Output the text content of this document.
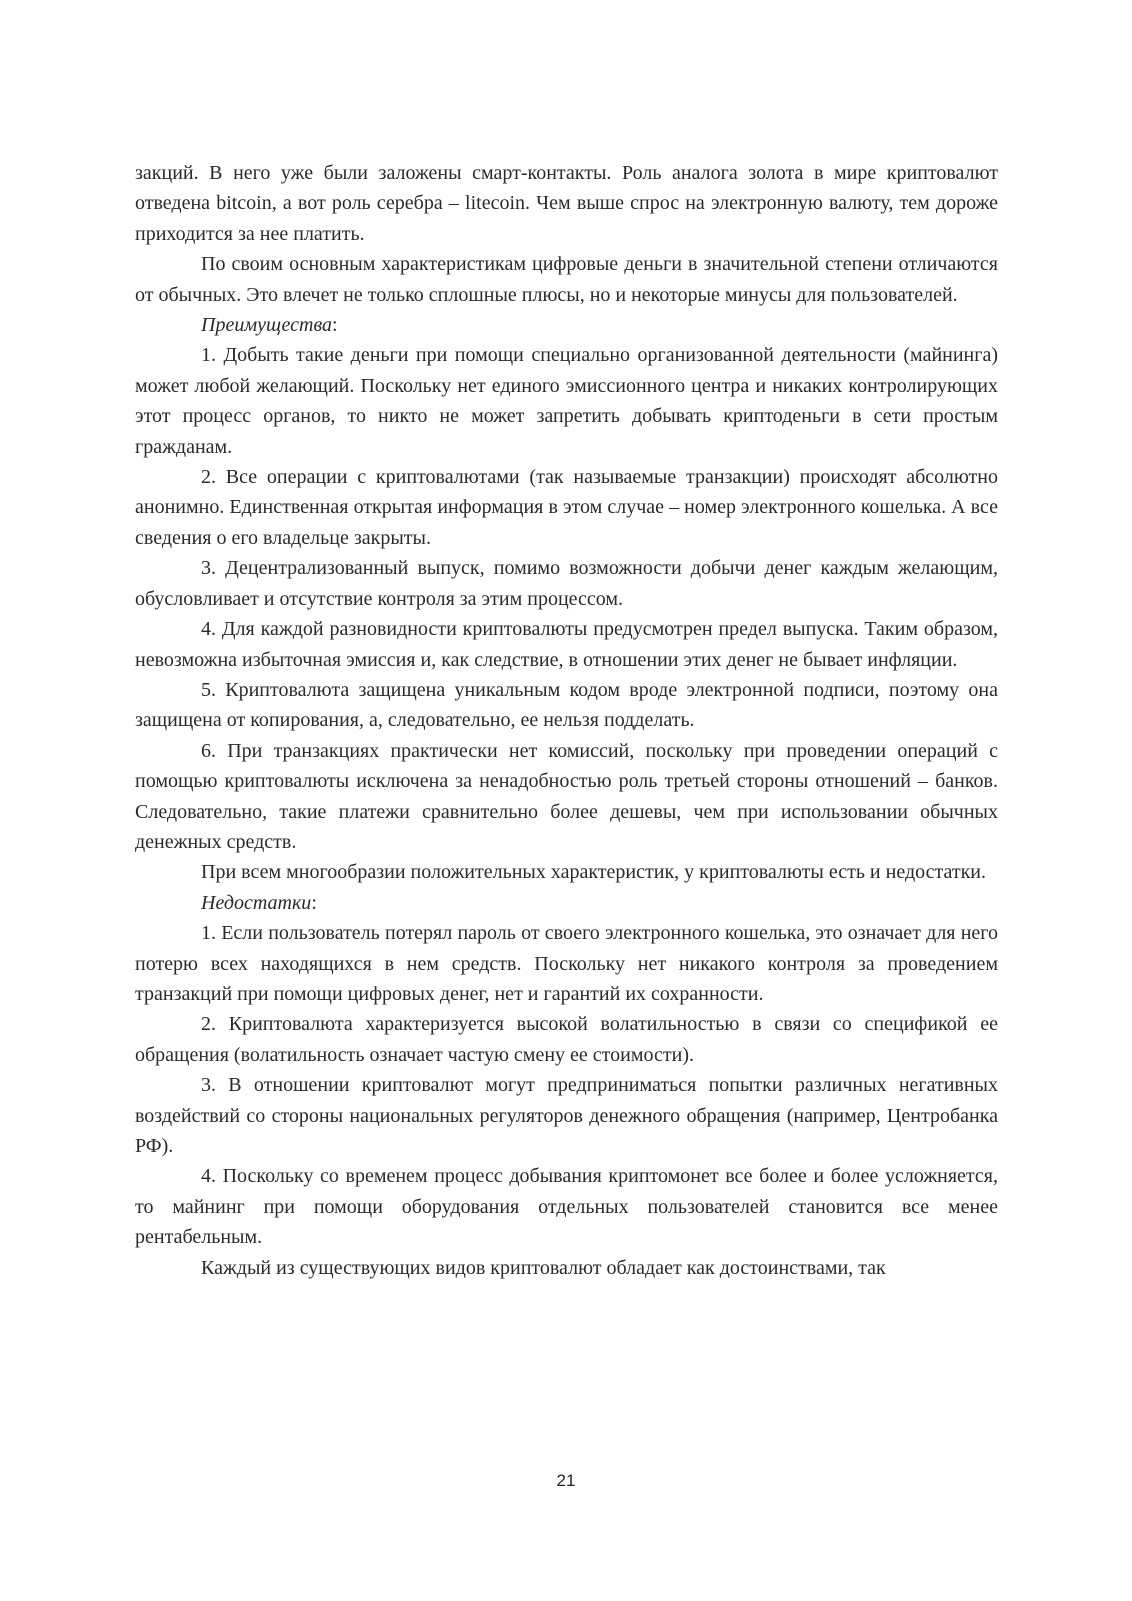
закций. В него уже были заложены смарт-контакты. Роль аналога золота в мире криптовалют отведена bitcoin, а вот роль серебра – litecoin. Чем выше спрос на электронную валюту, тем дороже приходится за нее платить.

По своим основным характеристикам цифровые деньги в значительной степени отличаются от обычных. Это влечет не только сплошные плюсы, но и некоторые минусы для пользователей.

Преимущества:

1. Добыть такие деньги при помощи специально организованной деятельности (майнинга) может любой желающий. Поскольку нет единого эмиссионного центра и никаких контролирующих этот процесс органов, то никто не может запретить добывать криптоденьги в сети простым гражданам.

2. Все операции с криптовалютами (так называемые транзакции) происходят абсолютно анонимно. Единственная открытая информация в этом случае – номер электронного кошелька. А все сведения о его владельце закрыты.

3. Децентрализованный выпуск, помимо возможности добычи денег каждым желающим, обусловливает и отсутствие контроля за этим процессом.

4. Для каждой разновидности криптовалюты предусмотрен предел выпуска. Таким образом, невозможна избыточная эмиссия и, как следствие, в отношении этих денег не бывает инфляции.

5. Криптовалюта защищена уникальным кодом вроде электронной подписи, поэтому она защищена от копирования, а, следовательно, ее нельзя подделать.

6. При транзакциях практически нет комиссий, поскольку при проведении операций с помощью криптовалюты исключена за ненадобностью роль третьей стороны отношений – банков. Следовательно, такие платежи сравнительно более дешевы, чем при использовании обычных денежных средств.

При всем многообразии положительных характеристик, у криптовалюты есть и недостатки.

Недостатки:

1. Если пользователь потерял пароль от своего электронного кошелька, это означает для него потерю всех находящихся в нем средств. Поскольку нет никакого контроля за проведением транзакций при помощи цифровых денег, нет и гарантий их сохранности.

2. Криптовалюта характеризуется высокой волатильностью в связи со спецификой ее обращения (волатильность означает частую смену ее стоимости).

3. В отношении криптовалют могут предприниматься попытки различных негативных воздействий со стороны национальных регуляторов денежного обращения (например, Центробанка РФ).

4. Поскольку со временем процесс добывания криптомонет все более и более усложняется, то майнинг при помощи оборудования отдельных пользователей становится все менее рентабельным.

Каждый из существующих видов криптовалют обладает как достоинствами, так

21
